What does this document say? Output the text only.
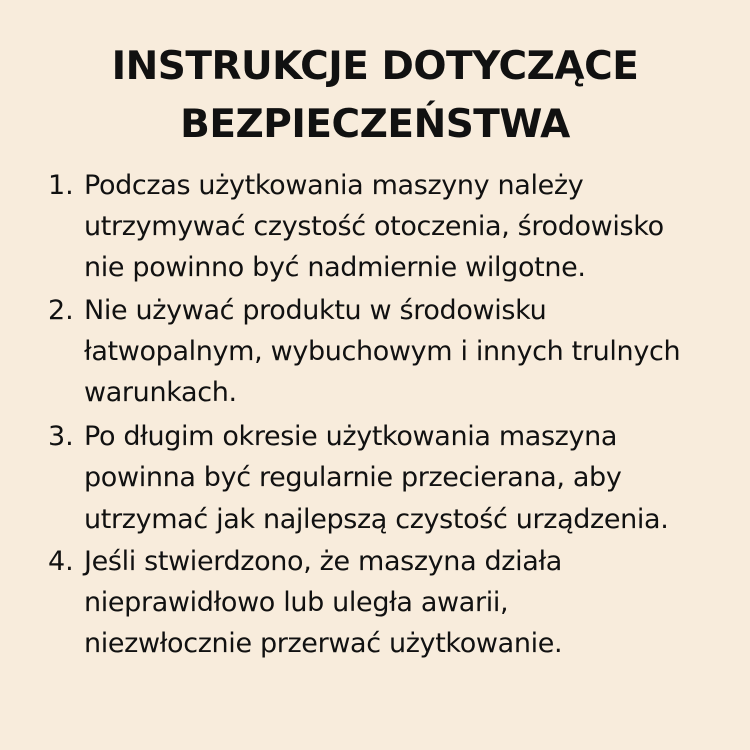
INSTRUKCJE DOTYCZĄCE
BEZPIECZEŃSTWA
1. Podczas użytkowania maszyny należy
utrzymywać czystość otoczenia, środowisko
nie powinno być nadmiernie wilgotne.
2. Nie używać produktu w środowisku
łatwopalnym, wybuchowym i innych trulnych
warunkach.
3. Po długim okresie użytkowania maszyna
powinna być regularnie przecierana, aby
utrzymać jak najlepszą czystość urządzenia.
4. Jeśli stwierdzono, że maszyna działa
nieprawidłowo lub uległa awarii,
niezwłocznie przerwać użytkowanie.
